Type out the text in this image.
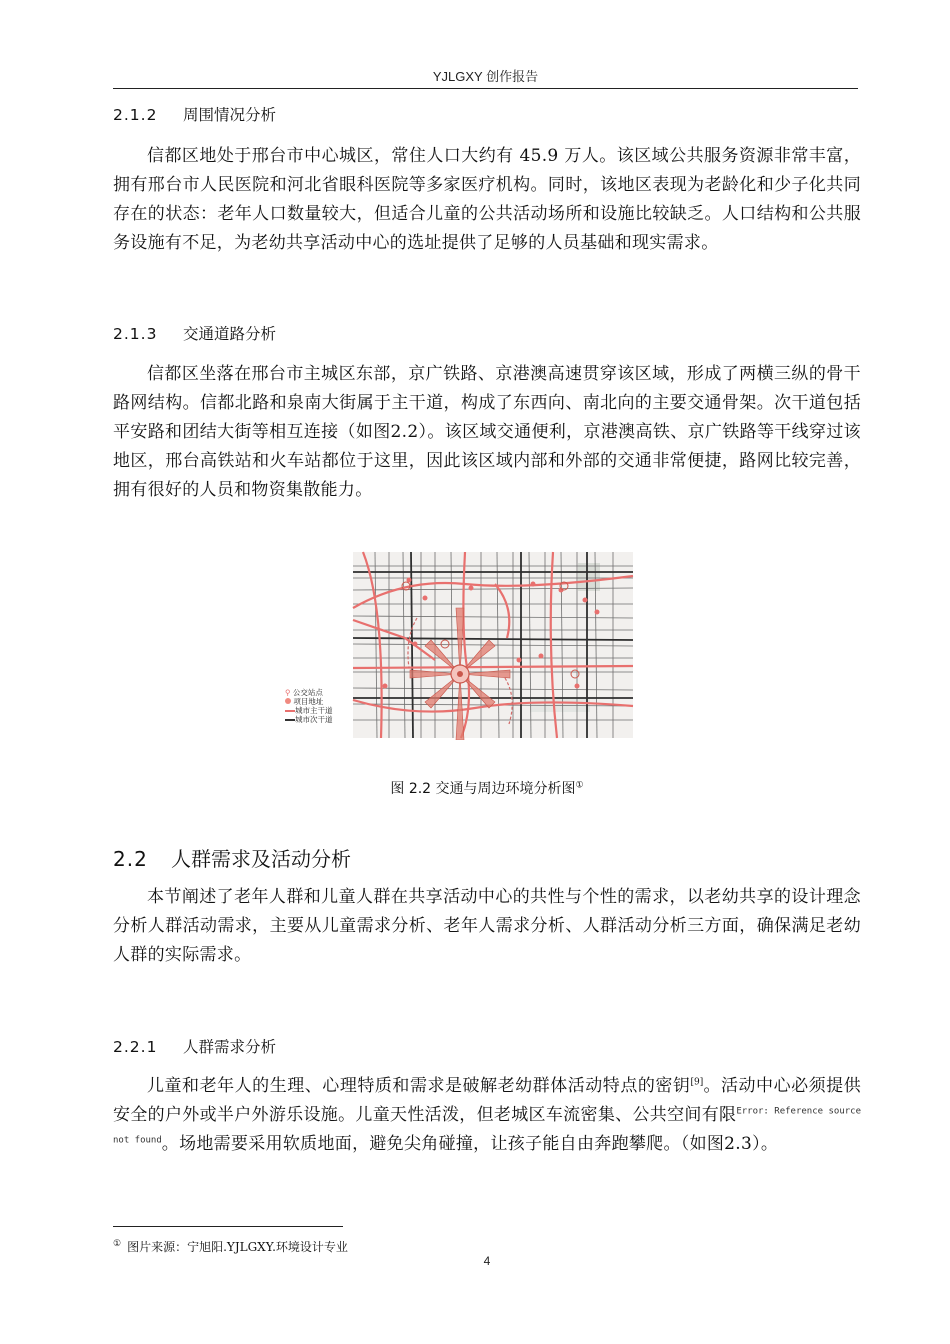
YJLGXY 创作报告
2.1.2 周围情况分析
信都区地处于邢台市中心城区，常住人口大约有 45.9 万人。该区域公共服务资源非常丰富，拥有邢台市人民医院和河北省眼科医院等多家医疗机构。同时，该地区表现为老龄化和少子化共同存在的状态：老年人口数量较大，但适合儿童的公共活动场所和设施比较缺乏。人口结构和公共服务设施有不足，为老幼共享活动中心的选址提供了足够的人员基础和现实需求。
2.1.3 交通道路分析
信都区坐落在邢台市主城区东部，京广铁路、京港澳高速贯穿该区域，形成了两横三纵的骨干路网结构。信都北路和泉南大街属于主干道，构成了东西向、南北向的主要交通骨架。次干道包括平安路和团结大街等相互连接（如图2.2）。该区域交通便利，京港澳高铁、京广铁路等干线穿过该地区，邢台高铁站和火车站都位于这里，因此该区域内部和外部的交通非常便捷，路网比较完善，拥有很好的人员和物资集散能力。
⚲ 公交站点
项目地址
城市主干道
城市次干道
图 2.2 交通与周边环境分析图①
2.2 人群需求及活动分析
本节阐述了老年人群和儿童人群在共享活动中心的共性与个性的需求，以老幼共享的设计理念分析人群活动需求，主要从儿童需求分析、老年人需求分析、人群活动分析三方面，确保满足老幼人群的实际需求。
2.2.1 人群需求分析
儿童和老年人的生理、心理特质和需求是破解老幼群体活动特点的密钥[9]。活动中心必须提供安全的户外或半户外游乐设施。儿童天性活泼，但老城区车流密集、公共空间有限$^{Error: Reference source not found}$。场地需要采用软质地面，避免尖角碰撞，让孩子能自由奔跑攀爬。（如图2.3）。
① 图片来源：宁旭阳.YJLGXY.环境设计专业
4
